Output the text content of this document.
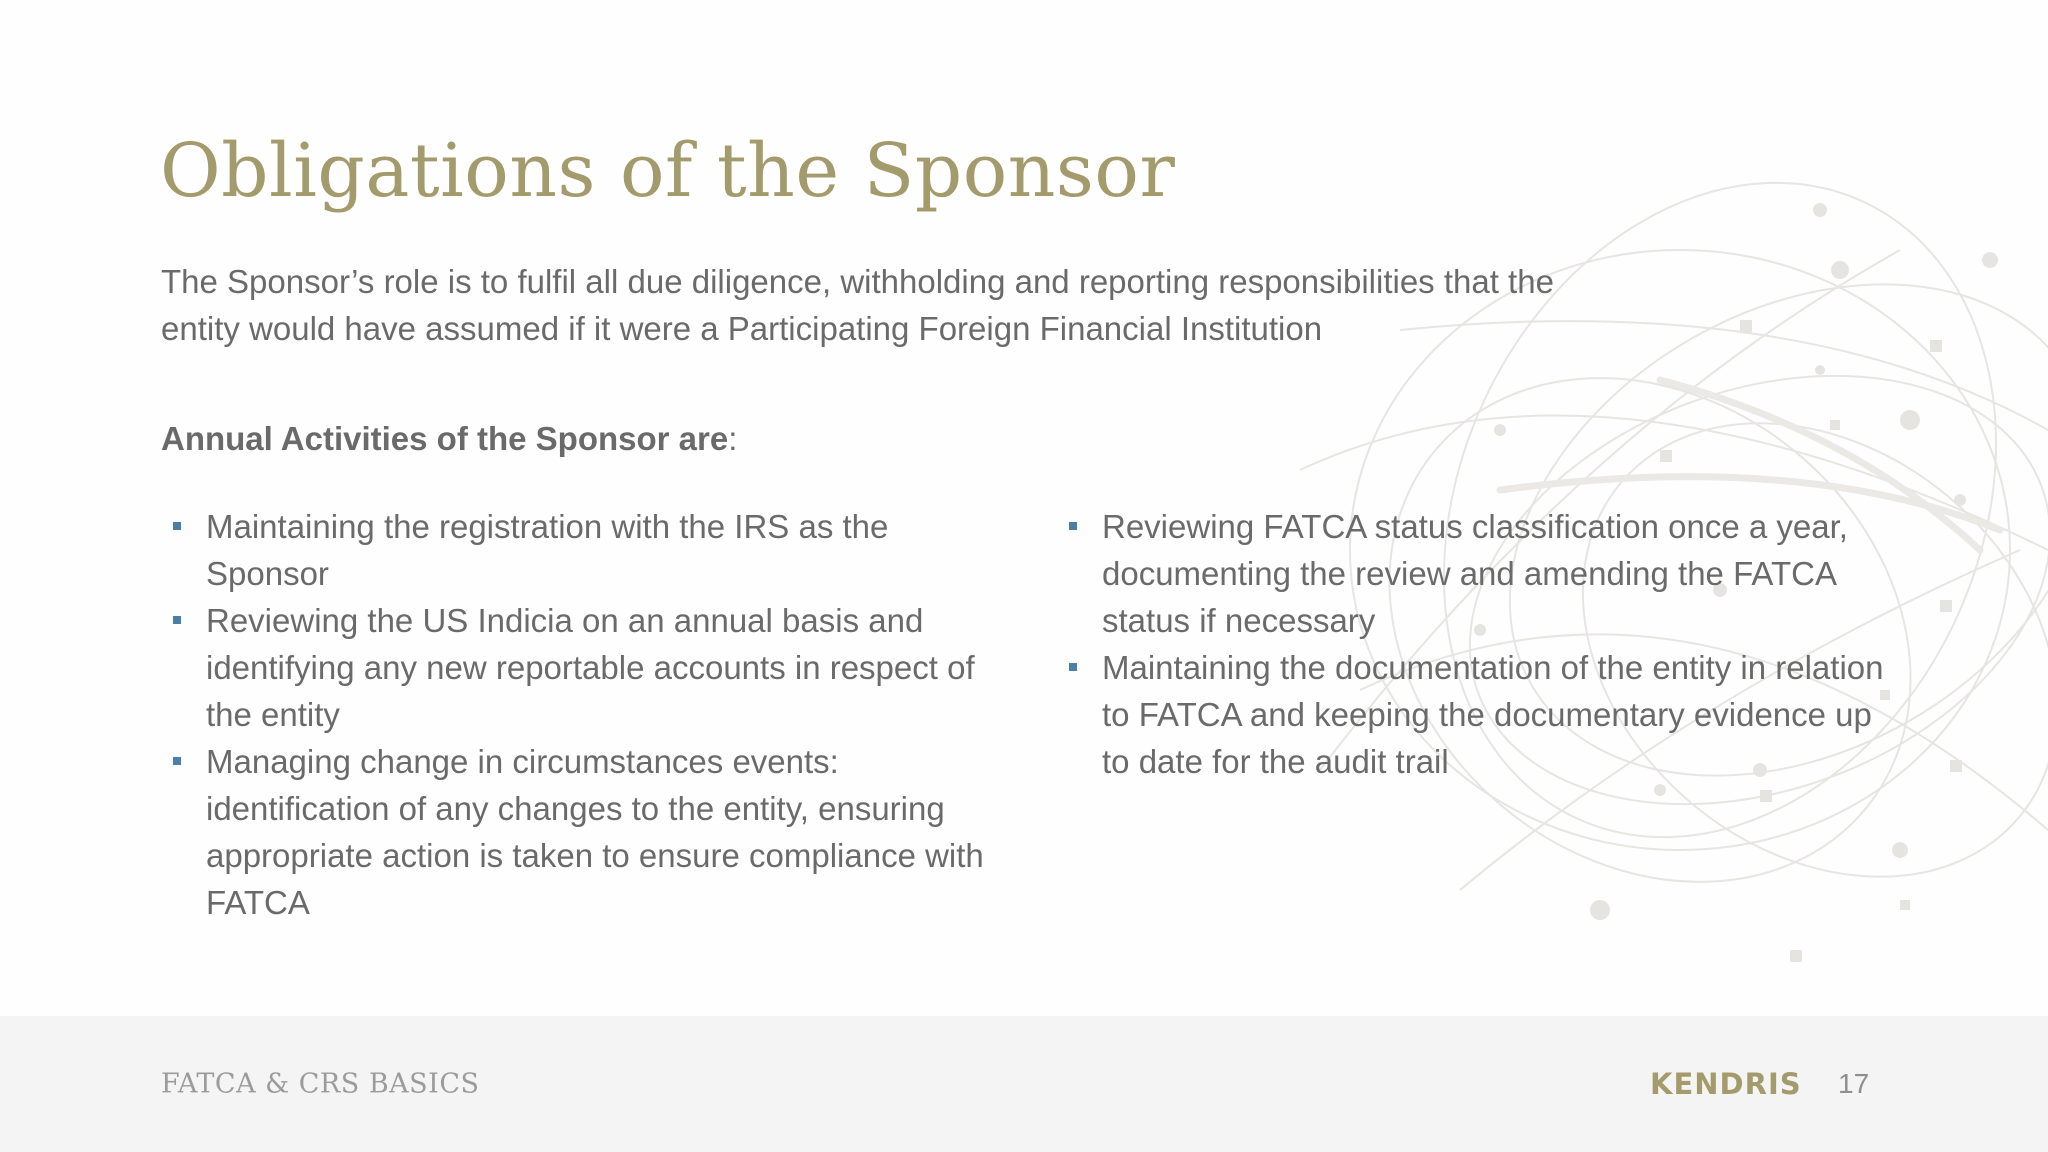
Obligations of the Sponsor

The Sponsor’s role is to fulfil all due diligence, withholding and reporting responsibilities that the entity would have assumed if it were a Participating Foreign Financial Institution

Annual Activities of the Sponsor are:

Maintaining the registration with the IRS as the Sponsor
Reviewing the US Indicia on an annual basis and identifying any new reportable accounts in respect of the entity
Managing change in circumstances events: identification of any changes to the entity, ensuring appropriate action is taken to ensure compliance with FATCA
Reviewing FATCA status classification once a year, documenting the review and amending the FATCA status if necessary
Maintaining the documentation of the entity in relation to FATCA and keeping the documentary evidence up to date for the audit trail
FATCA & CRS BASICS	KENDRIS 17
